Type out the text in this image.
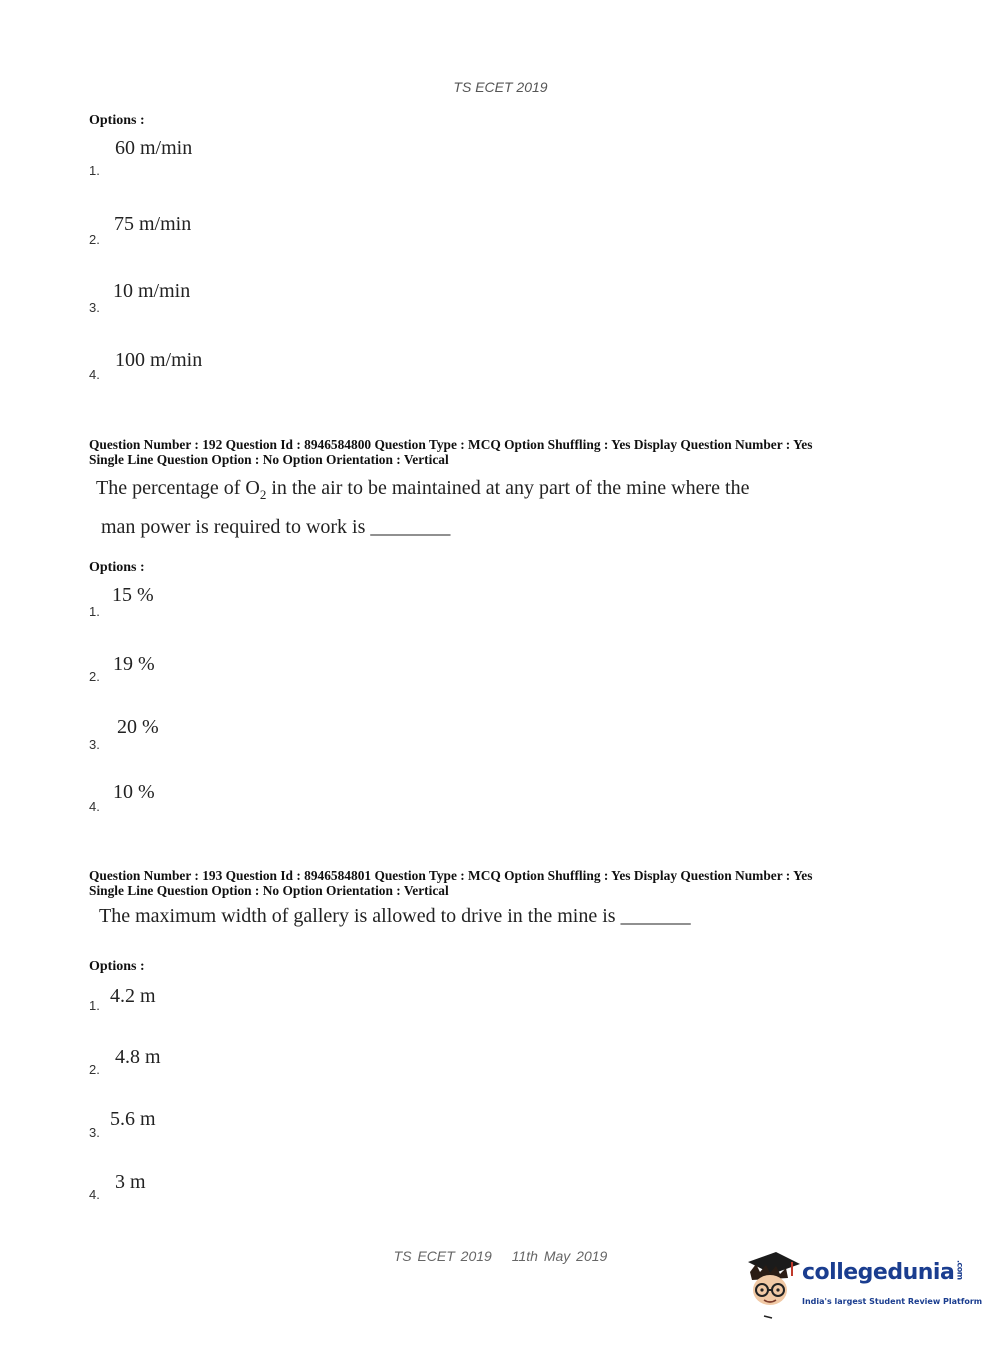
TS ECET 2019
Options :
60 m/min
1.
75 m/min
2.
10 m/min
3.
100 m/min
4.
Question Number : 192 Question Id : 8946584800 Question Type : MCQ Option Shuffling : Yes Display Question Number : Yes
Single Line Question Option : No Option Orientation : Vertical
The percentage of $O_2$ in the air to be maintained at any part of the mine where the
man power is required to work is ________
Options :
15 %
1.
19 %
2.
20 %
3.
10 %
4.
Question Number : 193 Question Id : 8946584801 Question Type : MCQ Option Shuffling : Yes Display Question Number : Yes
Single Line Question Option : No Option Orientation : Vertical
The maximum width of gallery is allowed to drive in the mine is _______
Options :
4.2 m
1.
4.8 m
2.
5.6 m
3.
3 m
4.
TS ECET 2019 11th May 2019
collegedunia.com
India's largest Student Review Platform
